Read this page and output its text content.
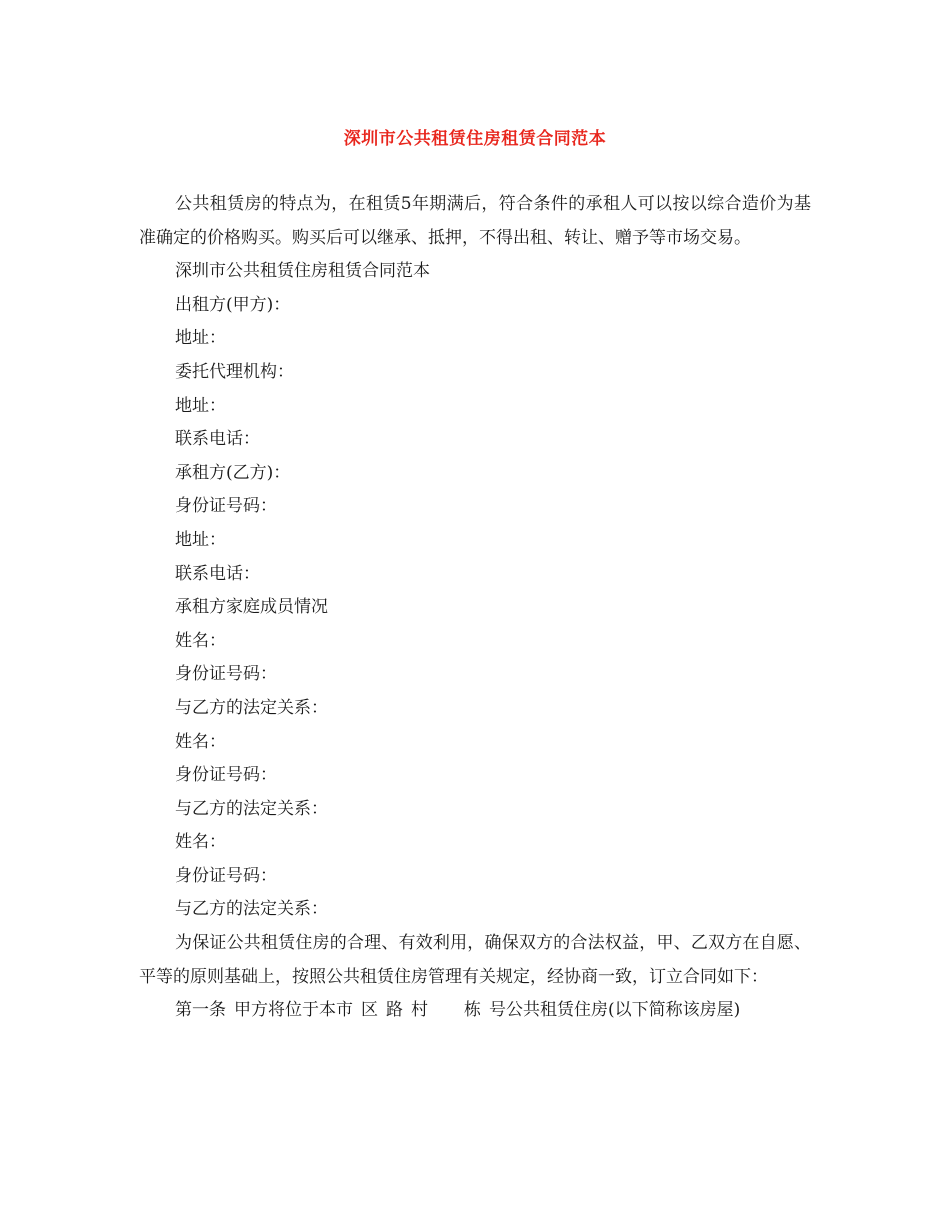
深圳市公共租赁住房租赁合同范本

公共租赁房的特点为，在租赁5年期满后，符合条件的承租人可以按以综合造价为基准确定的价格购买。购买后可以继承、抵押，不得出租、转让、赠予等市场交易。

深圳市公共租赁住房租赁合同范本

出租方(甲方)：

地址：

委托代理机构：

地址：

联系电话：

承租方(乙方)：

身份证号码：

地址：

联系电话：

承租方家庭成员情况

姓名：

身份证号码：

与乙方的法定关系：

姓名：

身份证号码：

与乙方的法定关系：

姓名：

身份证号码：

与乙方的法定关系：

为保证公共租赁住房的合理、有效利用，确保双方的合法权益，甲、乙双方在自愿、平等的原则基础上，按照公共租赁住房管理有关规定，经协商一致，订立合同如下：

第一条 甲方将位于本市 区 路 村 栋 号公共租赁住房(以下简称该房屋)
